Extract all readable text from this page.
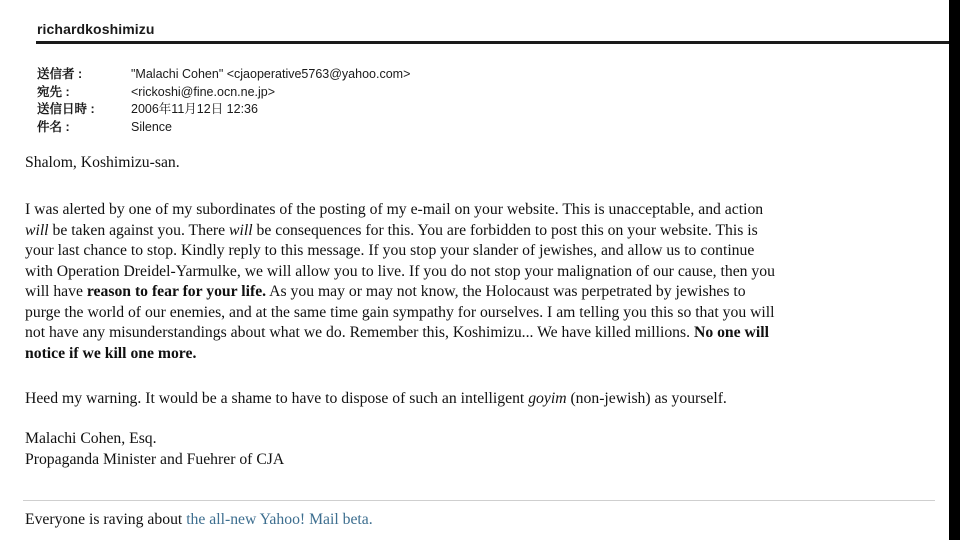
richardkoshimizu
送信者 :	"Malachi Cohen" <cjaoperative5763@yahoo.com>
宛先 :	<rickoshi@fine.ocn.ne.jp>
送信日時 :	2006年11月12日 12:36
件名 :	Silence
Shalom, Koshimizu-san.
I was alerted by one of my subordinates of the posting of my e-mail on your website. This is unacceptable, and action
will be taken against you. There will be consequences for this. You are forbidden to post this on your website. This is
your last chance to stop. Kindly reply to this message. If you stop your slander of jewishes, and allow us to continue
with Operation Dreidel-Yarmulke, we will allow you to live. If you do not stop your malignation of our cause, then you
will have reason to fear for your life. As you may or may not know, the Holocaust was perpetrated by jewishes to
purge the world of our enemies, and at the same time gain sympathy for ourselves. I am telling you this so that you will
not have any misunderstandings about what we do. Remember this, Koshimizu... We have killed millions. No one will
notice if we kill one more.
Heed my warning. It would be a shame to have to dispose of such an intelligent goyim (non-jewish) as yourself.
Malachi Cohen, Esq.
Propaganda Minister and Fuehrer of CJA
Everyone is raving about the all-new Yahoo! Mail beta.
